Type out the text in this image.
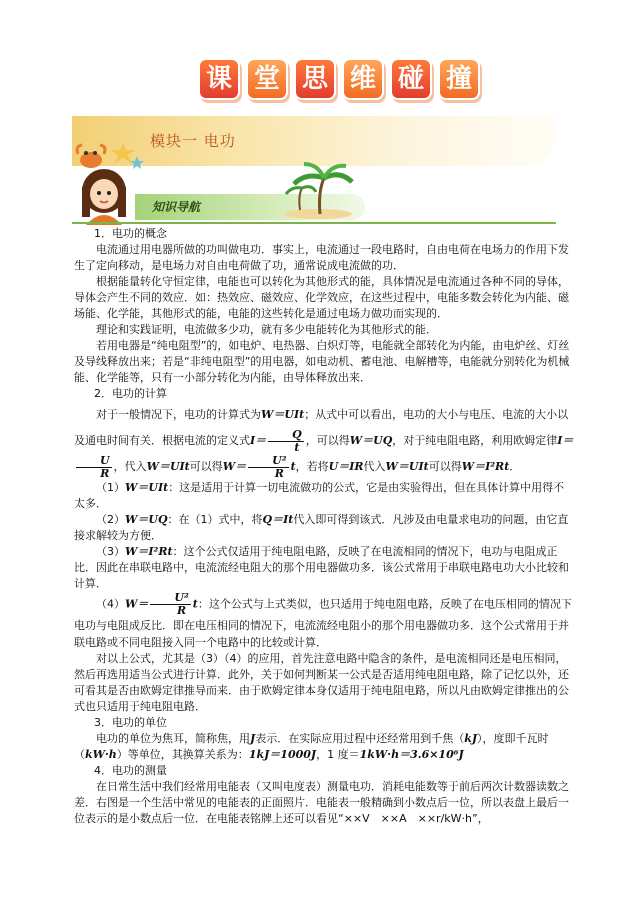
课 堂 思 维 碰 撞
模块一 电功
知识导航

1．电功的概念

电流通过用电器所做的功叫做电功．事实上，电流通过一段电路时，自由电荷在电场力的作用下发生了定向移动，是电场力对自由电荷做了功，通常说成电流做的功．

根据能量转化守恒定律，电能也可以转化为其他形式的能，具体情况是电流通过各种不同的导体，导体会产生不同的效应．如：热效应、磁效应、化学效应，在这些过程中，电能多数会转化为内能、磁场能、化学能，其他形式的能，电能的这些转化是通过电场力做功而实现的．

理论和实践证明，电流做多少功，就有多少电能转化为其他形式的能．

若用电器是“纯电阻型”的，如电炉、电热器、白炽灯等，电能就全部转化为内能，由电炉丝、灯丝及导线释放出来；若是“非纯电阻型”的用电器，如电动机、蓄电池、电解槽等，电能就分别转化为机械能、化学能等，只有一小部分转化为内能，由导体释放出来．

2．电功的计算

对于一般情况下，电功的计算式为W＝UIt；从式中可以看出，电功的大小与电压、电流的大小以及通电时间有关．根据电流的定义式$I= \frac{Q}{t}$ ，可以得W＝UQ，对于纯电阻电路，利用欧姆定律I＝
$\frac{U}{R}$ ，代入W＝UIt可以得$W= \frac{\text{U²}}{R}$ t，若将U＝IR代入W＝UIt可以得W＝I²Rt．

（1）W＝UIt：这是适用于计算一切电流做功的公式，它是由实验得出，但在具体计算中用得不太多．

（2）W＝UQ：在（1）式中，将Q＝It代入即可得到该式．凡涉及由电量求电功的问题，由它直接求解较为方便．

（3）W＝I²Rt：这个公式仅适用于纯电阻电路，反映了在电流相同的情况下，电功与电阻成正比．因此在串联电路中，电流流经电阻大的那个用电器做功多．该公式常用于串联电路电功大小比较和计算．

$(4)W= \frac{\text{U²}}{R}$ t：这个公式与上式类似，也只适用于纯电阻电路，反映了在电压相同的情况下电功与电阻成反比．即在电压相同的情况下，电流流经电阻小的那个用电器做功多．这个公式常用于并联电路或不同电阻接入同一个电路中的比较或计算．

对以上公式，尤其是（3）（4）的应用，首先注意电路中隐含的条件，是电流相同还是电压相同，然后再选用适当公式进行计算．此外，关于如何判断某一公式是否适用纯电阻电路，除了记忆以外，还可看其是否由欧姆定律推导而来．由于欧姆定律本身仅适用于纯电阻电路，所以凡由欧姆定律推出的公式也只适用于纯电阻电路．

3．电功的单位

电功的单位为焦耳，简称焦，用J表示．在实际应用过程中还经常用到千焦（kJ），度即千瓦时（kW·h）等单位，其换算关系为：1kJ＝1000J，1 度＝1kW·h＝3.6×10⁶J

4．电功的测量

在日常生活中我们经常用电能表（又叫电度表）测量电功．消耗电能数等于前后两次计数器读数之差．右图是一个生活中常见的电能表的正面照片．电能表一般精确到小数点后一位，所以表盘上最后一位表示的是小数点后一位．在电能表铭牌上还可以看见“××V　××A　××r/kW·h”，
